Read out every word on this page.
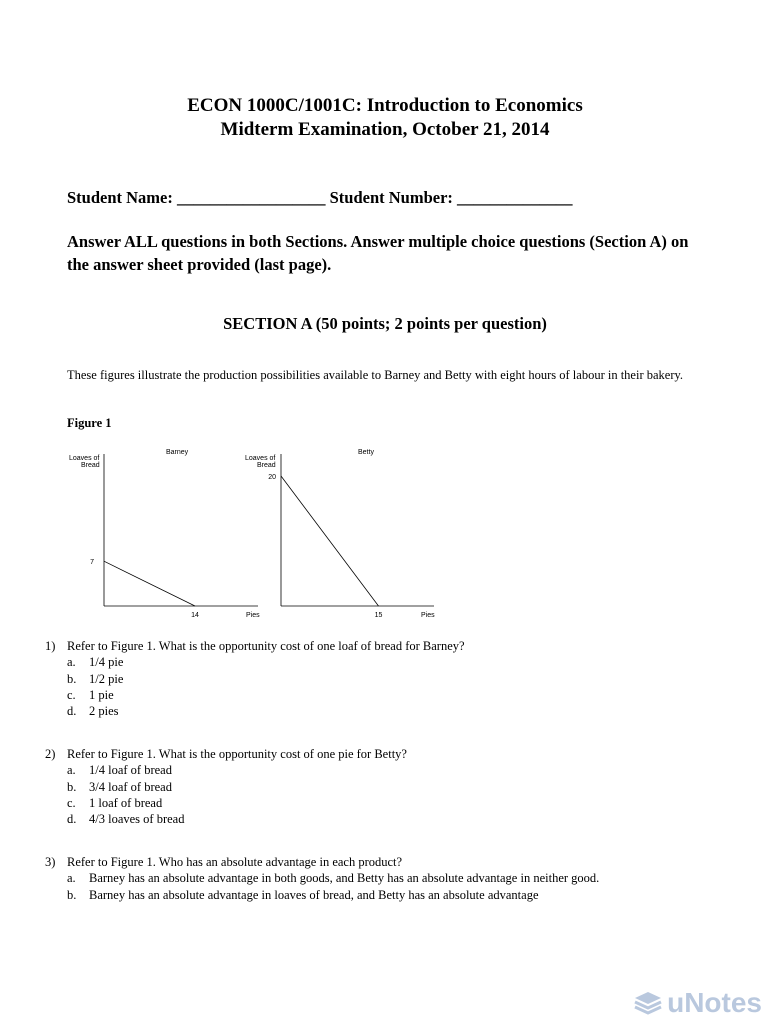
ECON 1000C/1001C: Introduction to Economics
Midterm Examination, October 21, 2014
Student Name: __________________ Student Number: ______________
Answer ALL questions in both Sections. Answer multiple choice questions (Section A) on the answer sheet provided (last page).
SECTION A (50 points; 2 points per question)
These figures illustrate the production possibilities available to Barney and Betty with eight hours of labour in their bakery.
Figure 1
Barney
Loaves of
Bread
7
14	Pies
Betty
Loaves of
Bread
20
15	Pies
1) Refer to Figure 1. What is the opportunity cost of one loaf of bread for Barney?
a.	1/4 pie
b.	1/2 pie
c.	1 pie
d.	2 pies
2) Refer to Figure 1. What is the opportunity cost of one pie for Betty?
a.	1/4 loaf of bread
b.	3/4 loaf of bread
c.	1 loaf of bread
d.	4/3 loaves of bread
3) Refer to Figure 1. Who has an absolute advantage in each product?
a.	Barney has an absolute advantage in both goods, and Betty has an absolute advantage in neither good.
b.	Barney has an absolute advantage in loaves of bread, and Betty has an absolute advantage
uNotes
